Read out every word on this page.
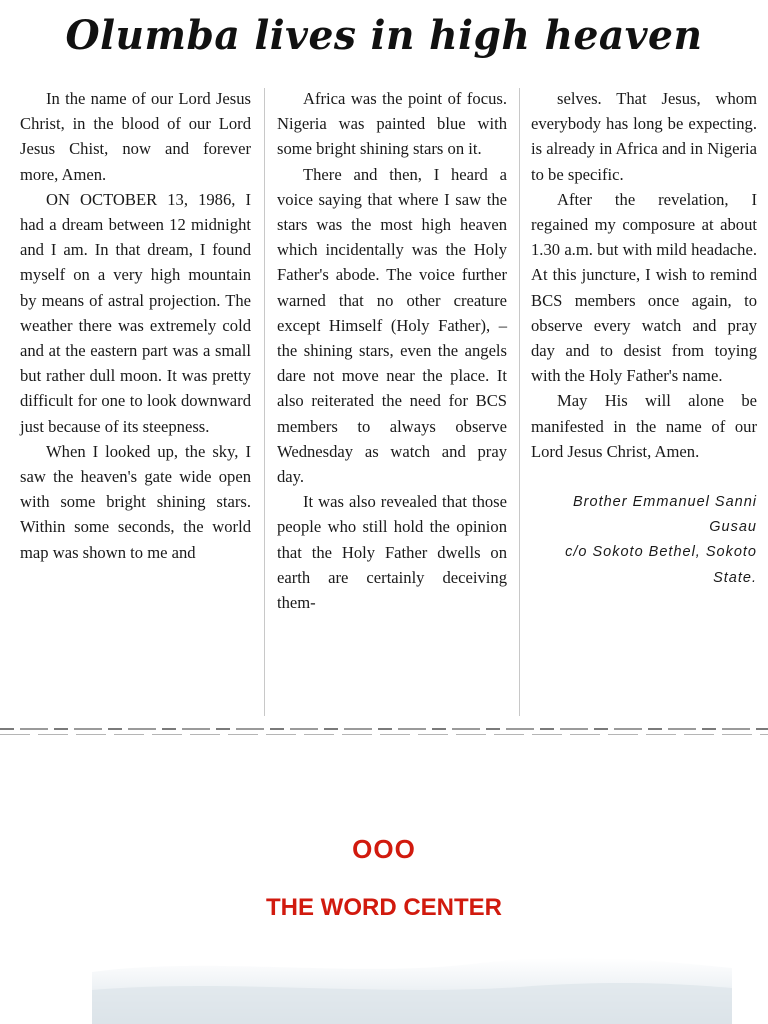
Olumba lives in high heaven

In the name of our Lord Jesus Christ, in the blood of our Lord Jesus Chist, now and forever more, Amen.

ON OCTOBER 13, 1986, I had a dream between 12 midnight and I am. In that dream, I found myself on a very high mountain by means of astral projection. The weather there was extremely cold and at the eastern part was a small but rather dull moon. It was pretty difficult for one to look downward just because of its steepness.

When I looked up, the sky, I saw the heaven's gate wide open with some bright shining stars. Within some seconds, the world map was shown to me and

Africa was the point of focus. Nigeria was painted blue with some bright shining stars on it.

There and then, I heard a voice saying that where I saw the stars was the most high heaven which incidentally was the Holy Father's abode. The voice further warned that no other creature except Himself (Holy Father), – the shining stars, even the angels dare not move near the place. It also reiterated the need for BCS members to always observe Wednesday as watch and pray day.

It was also revealed that those people who still hold the opinion that the Holy Father dwells on earth are certainly deceiving them-

selves. That Jesus, whom everybody has long be expecting. is already in Africa and in Nigeria to be specific.

After the revelation, I regained my composure at about 1.30 a.m. but with mild headache. At this juncture, I wish to remind BCS members once again, to observe every watch and pray day and to desist from toying with the Holy Father's name.

May His will alone be manifested in the name of our Lord Jesus Christ, Amen.

Brother Emmanuel Sanni

Gusau

c/o Sokoto Bethel, Sokoto

State.

OOO
THE WORD CENTER
